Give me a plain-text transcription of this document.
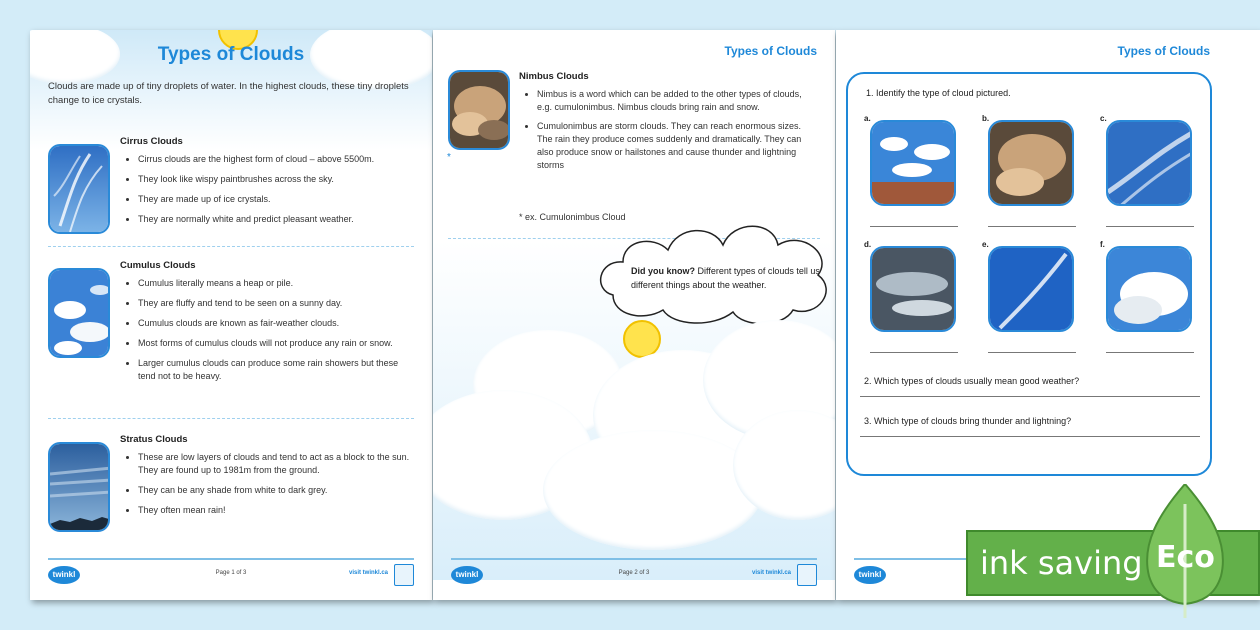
Types of Clouds
Clouds are made up of tiny droplets of water. In the highest clouds, these tiny droplets change to ice crystals.
Cirrus Clouds
• Cirrus clouds are the highest form of cloud – above 5500m.
• They look like wispy paintbrushes across the sky.
• They are made up of ice crystals.
• They are normally white and predict pleasant weather.
Cumulus Clouds
• Cumulus literally means a heap or pile.
• They are fluffy and tend to be seen on a sunny day.
• Cumulus clouds are known as fair-weather clouds.
• Most forms of cumulus clouds will not produce any rain or snow.
• Larger cumulus clouds can produce some rain showers but these tend not to be heavy.
Stratus Clouds
• These are low layers of clouds and tend to act as a block to the sun. They are found up to 1981m from the ground.
• They can be any shade from white to dark grey.
• They often mean rain!
twinkl	Page 1 of 3	visit twinkl.ca
Types of Clouds
*
Nimbus Clouds
• Nimbus is a word which can be added to the other types of clouds, e.g. cumulonimbus. Nimbus clouds bring rain and snow.
• Cumulonimbus are storm clouds. They can reach enormous sizes. The rain they produce comes suddenly and dramatically. They can also produce snow or hailstones and cause thunder and lightning storms
* ex. Cumulonimbus Cloud
Did you know? Different types of clouds tell us different things about the weather.
twinkl	Page 2 of 3	visit twinkl.ca
Types of Clouds
1. Identify the type of cloud pictured.
a.	b.	c.
d.	e.	f.
2. Which types of clouds usually mean good weather?
3. Which type of clouds bring thunder and lightning?
twinkl	ink saving Eco
